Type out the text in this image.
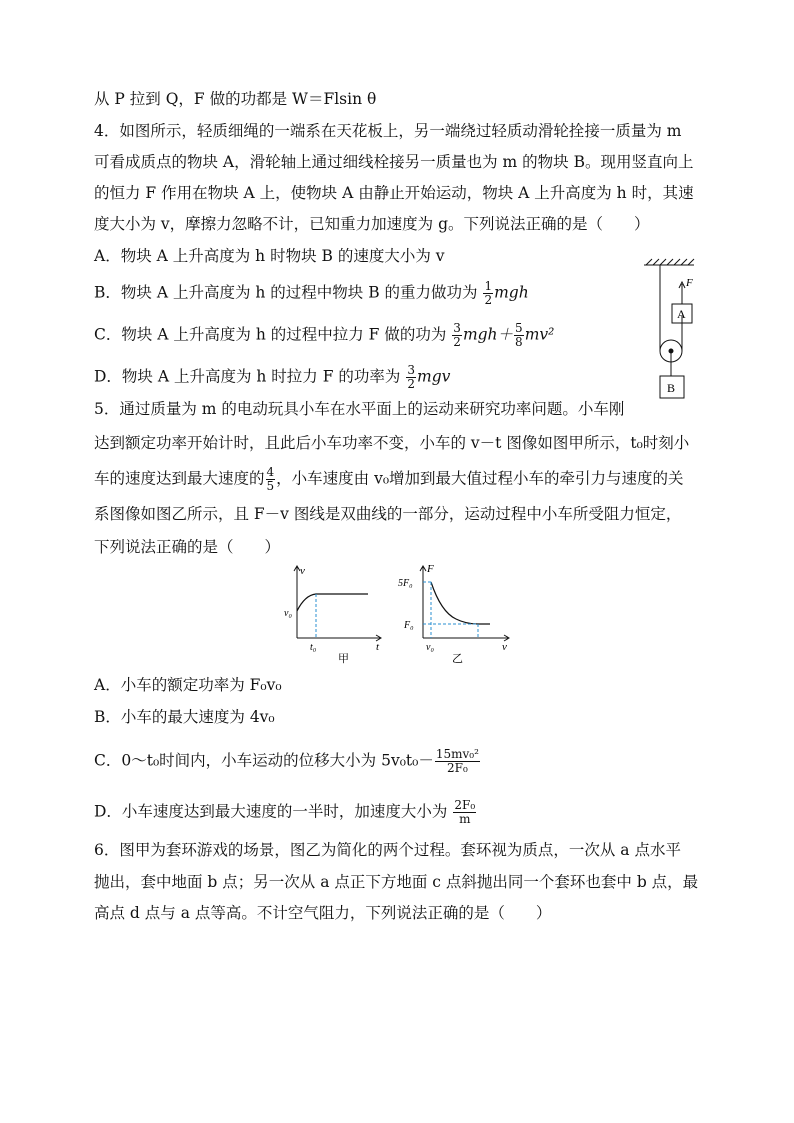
从 P 拉到 Q，F 做的功都是 W＝Flsin θ
4．如图所示，轻质细绳的一端系在天花板上，另一端绕过轻质动滑轮拴接一质量为 m
可看成质点的物块 A，滑轮轴上通过细线栓接另一质量也为 m 的物块 B。现用竖直向上
的恒力 F 作用在物块 A 上，使物块 A 由静止开始运动，物块 A 上升高度为 h 时，其速
度大小为 v，摩擦力忽略不计，已知重力加速度为 g。下列说法正确的是（　　）
A．物块 A 上升高度为 h 时物块 B 的速度大小为 v
B．物块 A 上升高度为 h 的过程中物块 B 的重力做功为 $\frac{1}{2}$ mgh
C．物块 A 上升高度为 h 的过程中拉力 F 做的功为 $\frac{3}{2} mgh+ \frac{5}{8} mv^2$
D．物块 A 上升高度为 h 时拉力 F 的功率为 $\frac{3}{2}$ mgv
F
A
B
5．通过质量为 m 的电动玩具小车在水平面上的运动来研究功率问题。小车刚
达到额定功率开始计时，且此后小车功率不变，小车的 v－t 图像如图甲所示，t₀时刻小
车的速度达到最大速度的 $\frac{4}{5}$ ，小车速度由 v₀增加到最大值过程小车的牵引力与速度的关
系图像如图乙所示，且 F－v 图线是双曲线的一部分，运动过程中小车所受阻力恒定，
下列说法正确的是（　　）
v
t
v₀
t₀
甲
F
v
5F₀
F₀
v₀
乙
A．小车的额定功率为 F₀v₀
B．小车的最大速度为 4v₀
C．0～t₀时间内，小车运动的位移大小为 $5v_0t_0- \frac{\text{15mv₀²}}{\text{2F₀}}$
D．小车速度达到最大速度的一半时，加速度大小为 $\frac{\text{2F₀}}{m}$
6．图甲为套环游戏的场景，图乙为简化的两个过程。套环视为质点，一次从 a 点水平
抛出，套中地面 b 点；另一次从 a 点正下方地面 c 点斜抛出同一个套环也套中 b 点，最
高点 d 点与 a 点等高。不计空气阻力，下列说法正确的是（　　）
